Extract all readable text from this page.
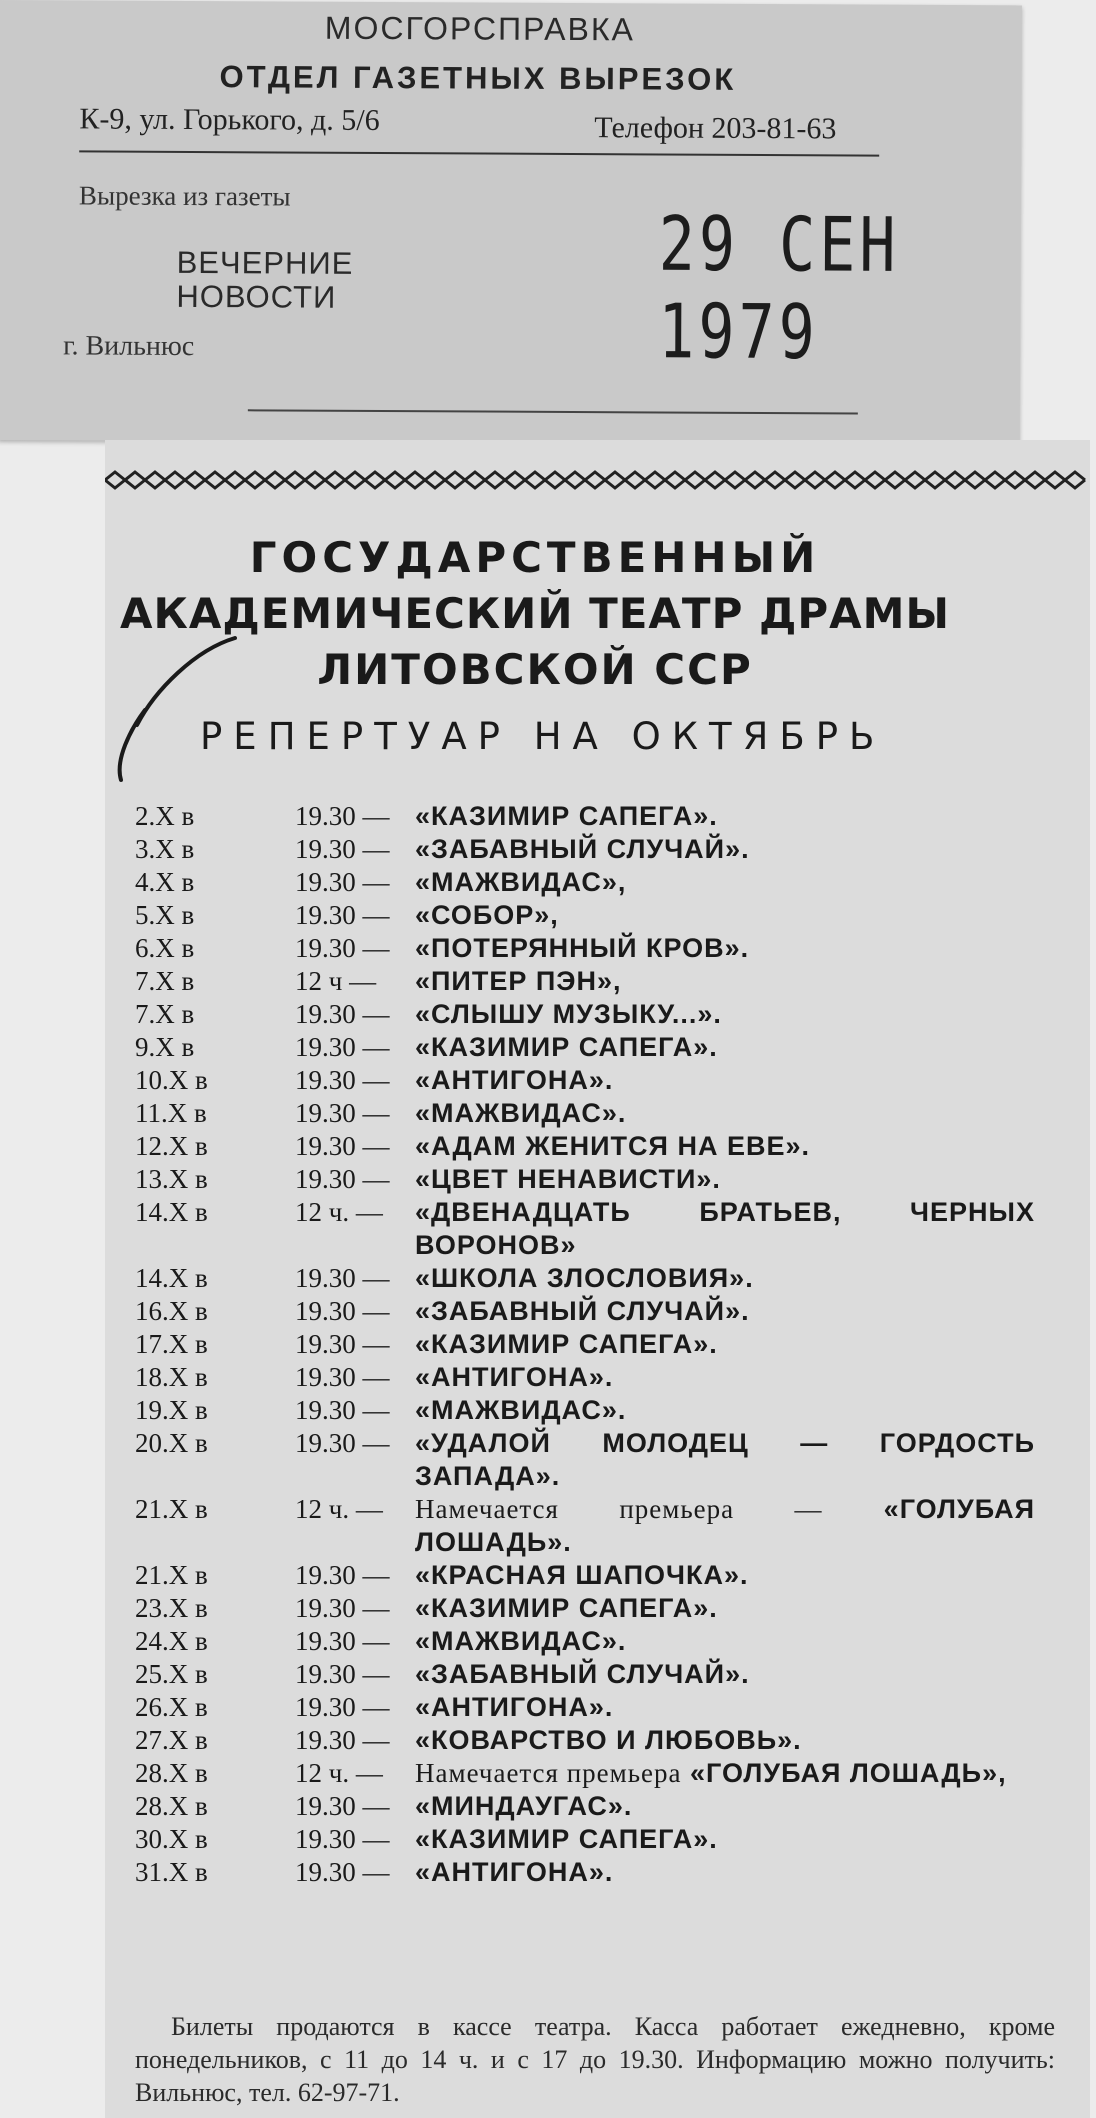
МОСГОРСПРАВКА
ОТДЕЛ ГАЗЕТНЫХ ВЫРЕЗОК
К-9, ул. Горького, д. 5/6	Телефон 203-81-63
Вырезка из газеты
ВЕЧЕРНИЕ
НОВОСТИ
29 СЕН 1979
г. Вильнюс
ГОСУДАРСТВЕННЫЙ
АКАДЕМИЧЕСКИЙ ТЕАТР ДРАМЫ
ЛИТОВСКОЙ ССР
РЕПЕРТУАР НА ОКТЯБРЬ
2.X в	19.30 — «КАЗИМИР САПЕГА».
3.X в	19.30 — «ЗАБАВНЫЙ СЛУЧАЙ».
4.X в	19.30 — «МАЖВИДАС»,
5.X в	19.30 — «СОБОР»,
6.X в	19.30 — «ПОТЕРЯННЫЙ КРОВ».
7.X в	12 ч —	«ПИТЕР ПЭН»,
7.X в	19.30 — «СЛЫШУ МУЗЫКУ...».
9.X в	19.30 — «КАЗИМИР САПЕГА».
10.X в	19.30 — «АНТИГОНА».
11.X в	19.30 — «МАЖВИДАС».
12.X в	19.30 — «АДАМ ЖЕНИТСЯ НА ЕВЕ».
13.X в	19.30 — «ЦВЕТ НЕНАВИСТИ».
14.X в	12 ч. —	«ДВЕНАДЦАТЬ БРАТЬЕВ, ЧЕРНЫХ ВОРОНОВ»
14.X в	19.30 — «ШКОЛА ЗЛОСЛОВИЯ».
16.X в	19.30 — «ЗАБАВНЫЙ СЛУЧАЙ».
17.X в	19.30 — «КАЗИМИР САПЕГА».
18.X в	19.30 — «АНТИГОНА».
19.X в	19.30 — «МАЖВИДАС».
20.X в	19.30 — «УДАЛОЙ МОЛОДЕЦ — ГОРДОСТЬ ЗАПАДА».
21.X в	12 ч. —	Намечается премьера — «ГОЛУБАЯ ЛОШАДЬ».
21.X в	19.30 — «КРАСНАЯ ШАПОЧКА».
23.X в	19.30 — «КАЗИМИР САПЕГА».
24.X в	19.30 — «МАЖВИДАС».
25.X в	19.30 — «ЗАБАВНЫЙ СЛУЧАЙ».
26.X в	19.30 — «АНТИГОНА».
27.X в	19.30 — «КОВАРСТВО И ЛЮБОВЬ».
28.X в	12 ч. —	Намечается премьера «ГОЛУБАЯ ЛОШАДЬ»,
28.X в	19.30 — «МИНДАУГАС».
30.X в	19.30 — «КАЗИМИР САПЕГА».
31.X в	19.30 — «АНТИГОНА».
Билеты продаются в кассе театра. Касса работает ежедневно, кроме понедельников, с 11 до 14 ч. и с 17 до 19.30. Информацию можно получить: Вильнюс, тел. 62-97-71.
